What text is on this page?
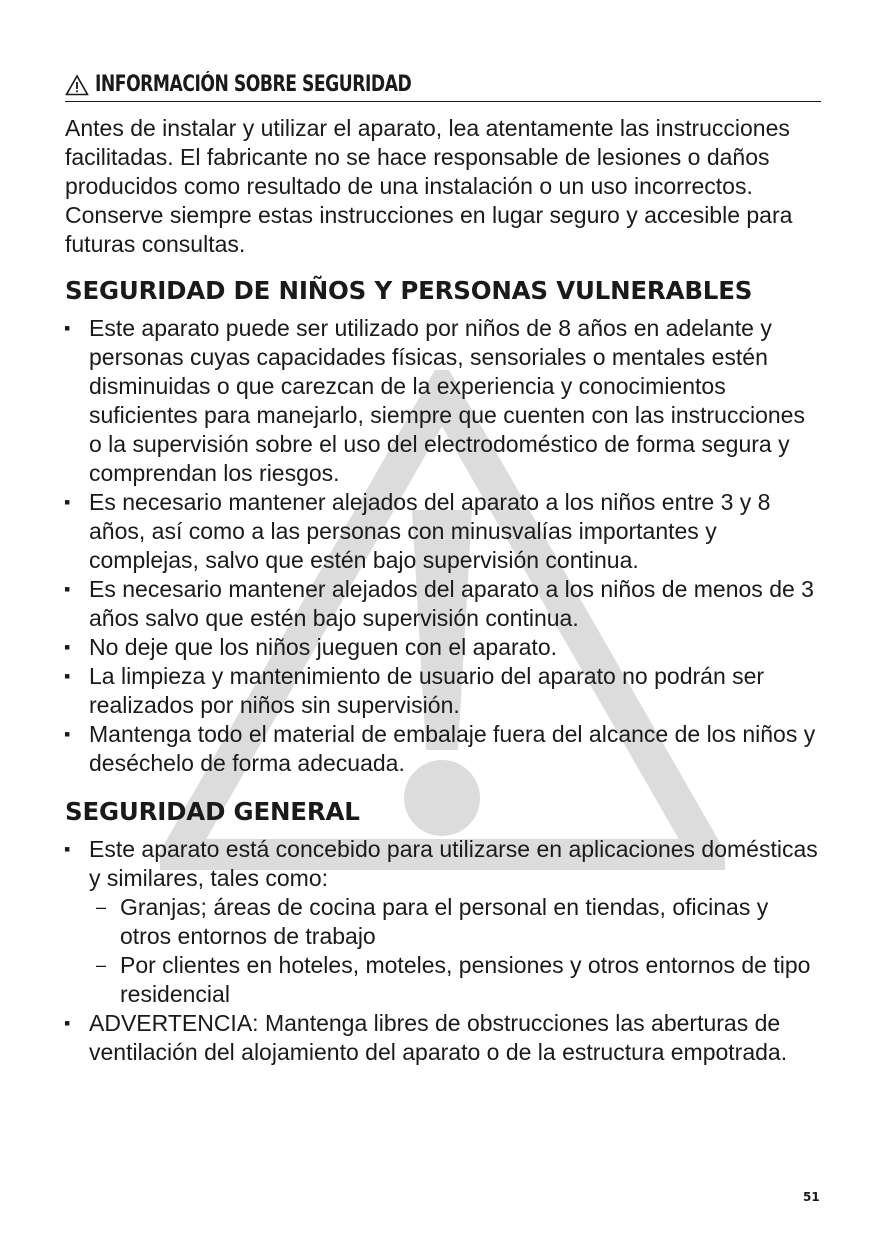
INFORMACIÓN SOBRE SEGURIDAD

Antes de instalar y utilizar el aparato, lea atentamente las instrucciones facilitadas. El fabricante no se hace responsable de lesiones o daños producidos como resultado de una instalación o un uso incorrectos. Conserve siempre estas instrucciones en lugar seguro y accesible para futuras consultas.

SEGURIDAD DE NIÑOS Y PERSONAS VULNERABLES
▪ Este aparato puede ser utilizado por niños de 8 años en adelante y personas cuyas capacidades físicas, sensoriales o mentales estén disminuidas o que carezcan de la experiencia y conocimientos suficientes para manejarlo, siempre que cuenten con las instrucciones o la supervisión sobre el uso del electrodoméstico de forma segura y comprendan los riesgos.
▪ Es necesario mantener alejados del aparato a los niños entre 3 y 8 años, así como a las personas con minusvalías importantes y complejas, salvo que estén bajo supervisión continua.
▪ Es necesario mantener alejados del aparato a los niños de menos de 3 años salvo que estén bajo supervisión continua.
▪ No deje que los niños jueguen con el aparato.
▪ La limpieza y mantenimiento de usuario del aparato no podrán ser realizados por niños sin supervisión.
▪ Mantenga todo el material de embalaje fuera del alcance de los niños y deséchelo de forma adecuada.
SEGURIDAD GENERAL
▪ Este aparato está concebido para utilizarse en aplicaciones domésticas y similares, tales como:
– Granjas; áreas de cocina para el personal en tiendas, oficinas y otros entornos de trabajo
– Por clientes en hoteles, moteles, pensiones y otros entornos de tipo residencial
▪ ADVERTENCIA: Mantenga libres de obstrucciones las aberturas de ventilación del alojamiento del aparato o de la estructura empotrada.
51
